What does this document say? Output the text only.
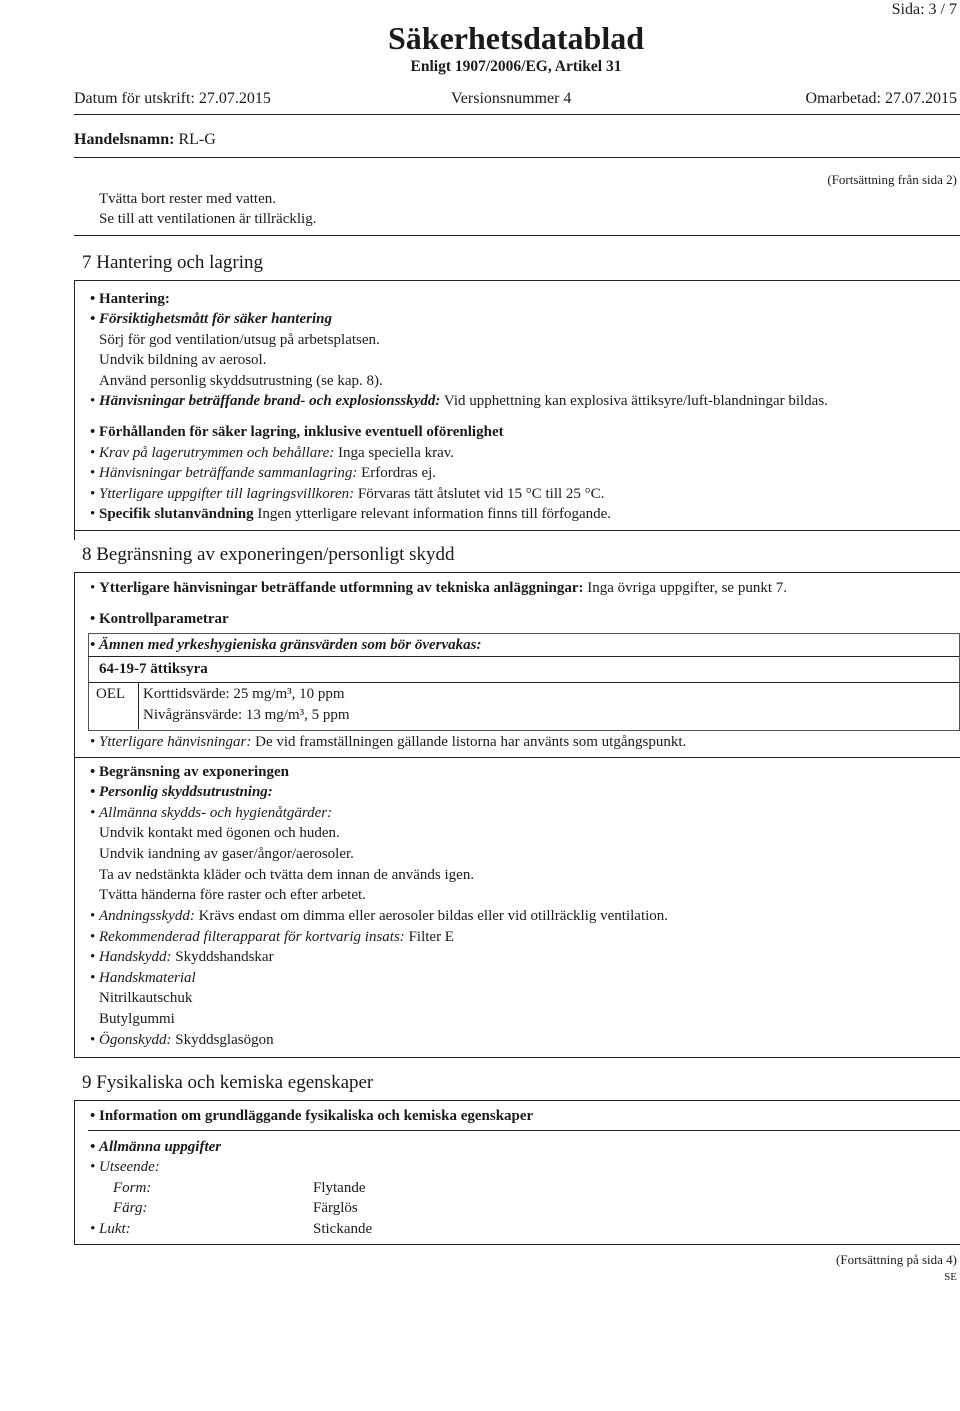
Sida: 3 / 7
Säkerhetsdatablad
Enligt 1907/2006/EG, Artikel 31
Datum för utskrift: 27.07.2015	Versionsnummer 4	Omarbetad: 27.07.2015
Handelsnamn: RL-G
(Fortsättning från sida 2)
Tvätta bort rester med vatten.
Se till att ventilationen är tillräcklig.
7 Hantering och lagring
• Hantering:
• Försiktighetsmått för säker hantering
Sörj för god ventilation/utsug på arbetsplatsen.
Undvik bildning av aerosol.
Använd personlig skyddsutrustning (se kap. 8).
• Hänvisningar beträffande brand- och explosionsskydd: Vid upphettning kan explosiva ättiksyre/luft-blandningar bildas.
• Förhållanden för säker lagring, inklusive eventuell oförenlighet
• Krav på lagerutrymmen och behållare: Inga speciella krav.
• Hänvisningar beträffande sammanlagring: Erfordras ej.
• Ytterligare uppgifter till lagringsvillkoren: Förvaras tätt åtslutet vid 15 °C till 25 °C.
• Specifik slutanvändning Ingen ytterligare relevant information finns till förfogande.
8 Begränsning av exponeringen/personligt skydd
• Ytterligare hänvisningar beträffande utformning av tekniska anläggningar: Inga övriga uppgifter, se punkt 7.
• Kontrollparametrar
• Ämnen med yrkeshygieniska gränsvärden som bör övervakas:
64-19-7 ättiksyra
OEL Korttidsvärde: 25 mg/m³, 10 ppm
Nivågränsvärde: 13 mg/m³, 5 ppm
• Ytterligare hänvisningar: De vid framställningen gällande listorna har använts som utgångspunkt.
• Begränsning av exponeringen
• Personlig skyddsutrustning:
• Allmänna skydds- och hygienåtgärder:
Undvik kontakt med ögonen och huden.
Undvik iandning av gaser/ångor/aerosoler.
Ta av nedstänkta kläder och tvätta dem innan de används igen.
Tvätta händerna före raster och efter arbetet.
• Andningsskydd: Krävs endast om dimma eller aerosoler bildas eller vid otillräcklig ventilation.
• Rekommenderad filterapparat för kortvarig insats: Filter E
• Handskydd: Skyddshandskar
• Handskmaterial
Nitrilkautschuk
Butylgummi
• Ögonskydd: Skyddsglasögon
9 Fysikaliska och kemiska egenskaper
• Information om grundläggande fysikaliska och kemiska egenskaper
• Allmänna uppgifter
• Utseende:
Form:	Flytande
Färg:	Färglös
• Lukt:	Stickande
(Fortsättning på sida 4)
SE
